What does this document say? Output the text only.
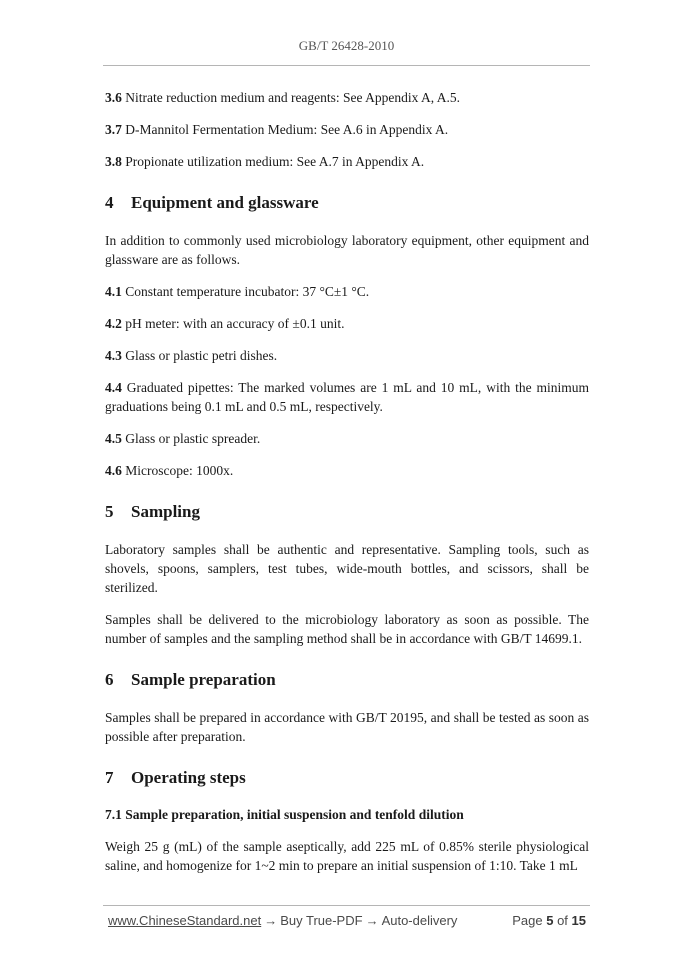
GB/T 26428-2010

3.6 Nitrate reduction medium and reagents: See Appendix A, A.5.

3.7 D-Mannitol Fermentation Medium: See A.6 in Appendix A.

3.8 Propionate utilization medium: See A.7 in Appendix A.

4 Equipment and glassware

In addition to commonly used microbiology laboratory equipment, other equipment and glassware are as follows.

4.1 Constant temperature incubator: 37 °C±1 °C.

4.2 pH meter: with an accuracy of ±0.1 unit.

4.3 Glass or plastic petri dishes.

4.4 Graduated pipettes: The marked volumes are 1 mL and 10 mL, with the minimum graduations being 0.1 mL and 0.5 mL, respectively.

4.5 Glass or plastic spreader.

4.6 Microscope: 1000x.

5 Sampling

Laboratory samples shall be authentic and representative. Sampling tools, such as shovels, spoons, samplers, test tubes, wide-mouth bottles, and scissors, shall be sterilized.

Samples shall be delivered to the microbiology laboratory as soon as possible. The number of samples and the sampling method shall be in accordance with GB/T 14699.1.

6 Sample preparation

Samples shall be prepared in accordance with GB/T 20195, and shall be tested as soon as possible after preparation.

7 Operating steps
7.1 Sample preparation, initial suspension and tenfold dilution

Weigh 25 g (mL) of the sample aseptically, add 225 mL of 0.85% sterile physiological saline, and homogenize for 1~2 min to prepare an initial suspension of 1:10. Take 1 mL

www.ChineseStandard.net → Buy True-PDF → Auto-delivery	Page 5 of 15
